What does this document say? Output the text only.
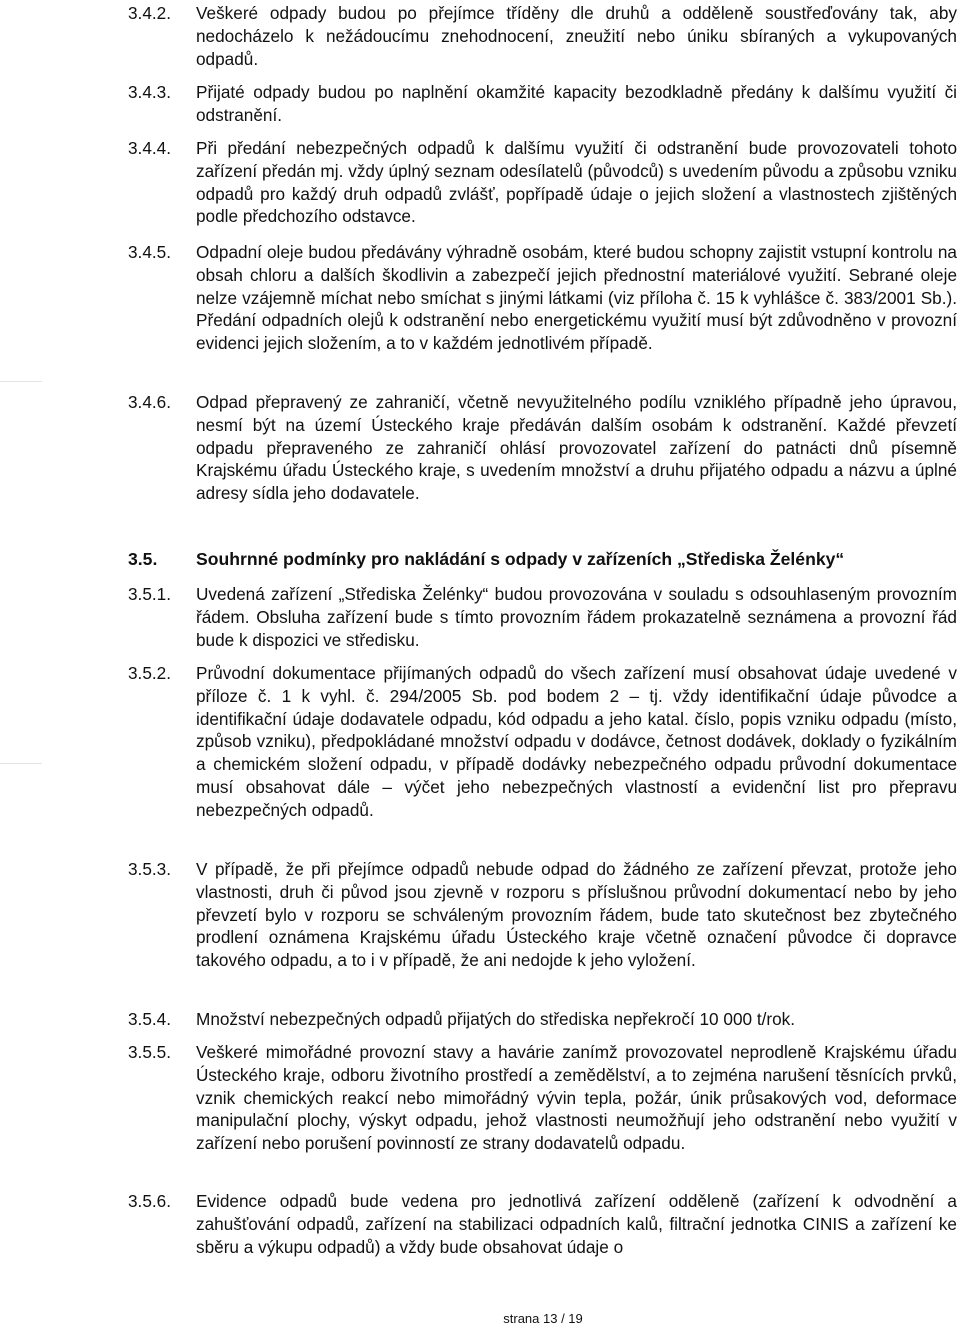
3.4.2. Veškeré odpady budou po přejímce tříděny dle druhů a odděleně soustřeďovány tak, aby nedocházelo k nežádoucímu znehodnocení, zneužití nebo úniku sbíraných a vykupovaných odpadů.
3.4.3. Přijaté odpady budou po naplnění okamžité kapacity bezodkladně předány k dalšímu využití či odstranění.
3.4.4. Při předání nebezpečných odpadů k dalšímu využití či odstranění bude provozovateli tohoto zařízení předán mj. vždy úplný seznam odesílatelů (původců) s uvedením původu a způsobu vzniku odpadů pro každý druh odpadů zvlášť, popřípadě údaje o jejich složení a vlastnostech zjištěných podle předchozího odstavce.
3.4.5. Odpadní oleje budou předávány výhradně osobám, které budou schopny zajistit vstupní kontrolu na obsah chloru a dalších škodlivin a zabezpečí jejich přednostní materiálové využití. Sebrané oleje nelze vzájemně míchat nebo smíchat s jinými látkami (viz příloha č. 15 k vyhlášce č. 383/2001 Sb.). Předání odpadních olejů k odstranění nebo energetickému využití musí být zdůvodněno v provozní evidenci jejich složením, a to v každém jednotlivém případě.
3.4.6. Odpad přepravený ze zahraničí, včetně nevyužitelného podílu vzniklého případně jeho úpravou, nesmí být na území Ústeckého kraje předáván dalším osobám k odstranění. Každé převzetí odpadu přepraveného ze zahraničí ohlásí provozovatel zařízení do patnácti dnů písemně Krajskému úřadu Ústeckého kraje, s uvedením množství a druhu přijatého odpadu a názvu a úplné adresy sídla jeho dodavatele.
3.5. Souhrnné podmínky pro nakládání s odpady v zařízeních „Střediska Želénky“
3.5.1. Uvedená zařízení „Střediska Želénky“ budou provozována v souladu s odsouhlaseným provozním řádem. Obsluha zařízení bude s tímto provozním řádem prokazatelně seznámena a provozní řád bude k dispozici ve středisku.
3.5.2. Průvodní dokumentace přijímaných odpadů do všech zařízení musí obsahovat údaje uvedené v příloze č. 1 k vyhl. č. 294/2005 Sb. pod bodem 2 – tj. vždy identifikační údaje původce a identifikační údaje dodavatele odpadu, kód odpadu a jeho katal. číslo, popis vzniku odpadu (místo, způsob vzniku), předpokládané množství odpadu v dodávce, četnost dodávek, doklady o fyzikálním a chemickém složení odpadu, v případě dodávky nebezpečného odpadu průvodní dokumentace musí obsahovat dále – výčet jeho nebezpečných vlastností a evidenční list pro přepravu nebezpečných odpadů.
3.5.3. V případě, že při přejímce odpadů nebude odpad do žádného ze zařízení převzat, protože jeho vlastnosti, druh či původ jsou zjevně v rozporu s příslušnou průvodní dokumentací nebo by jeho převzetí bylo v rozporu se schváleným provozním řádem, bude tato skutečnost bez zbytečného prodlení oznámena Krajskému úřadu Ústeckého kraje včetně označení původce či dopravce takového odpadu, a to i v případě, že ani nedojde k jeho vyložení.
3.5.4. Množství nebezpečných odpadů přijatých do střediska nepřekročí 10 000 t/rok.
3.5.5. Veškeré mimořádné provozní stavy a havárie zanímž provozovatel neprodleně Krajskému úřadu Ústeckého kraje, odboru životního prostředí a zemědělství, a to zejména narušení těsnících prvků, vznik chemických reakcí nebo mimořádný vývin tepla, požár, únik průsakových vod, deformace manipulační plochy, výskyt odpadu, jehož vlastnosti neumožňují jeho odstranění nebo využití v zařízení nebo porušení povinností ze strany dodavatelů odpadu.
3.5.6. Evidence odpadů bude vedena pro jednotlivá zařízení odděleně (zařízení k odvodnění a zahušťování odpadů, zařízení na stabilizaci odpadních kalů, filtrační jednotka CINIS a zařízení ke sběru a výkupu odpadů) a vždy bude obsahovat údaje o
strana 13 / 19
